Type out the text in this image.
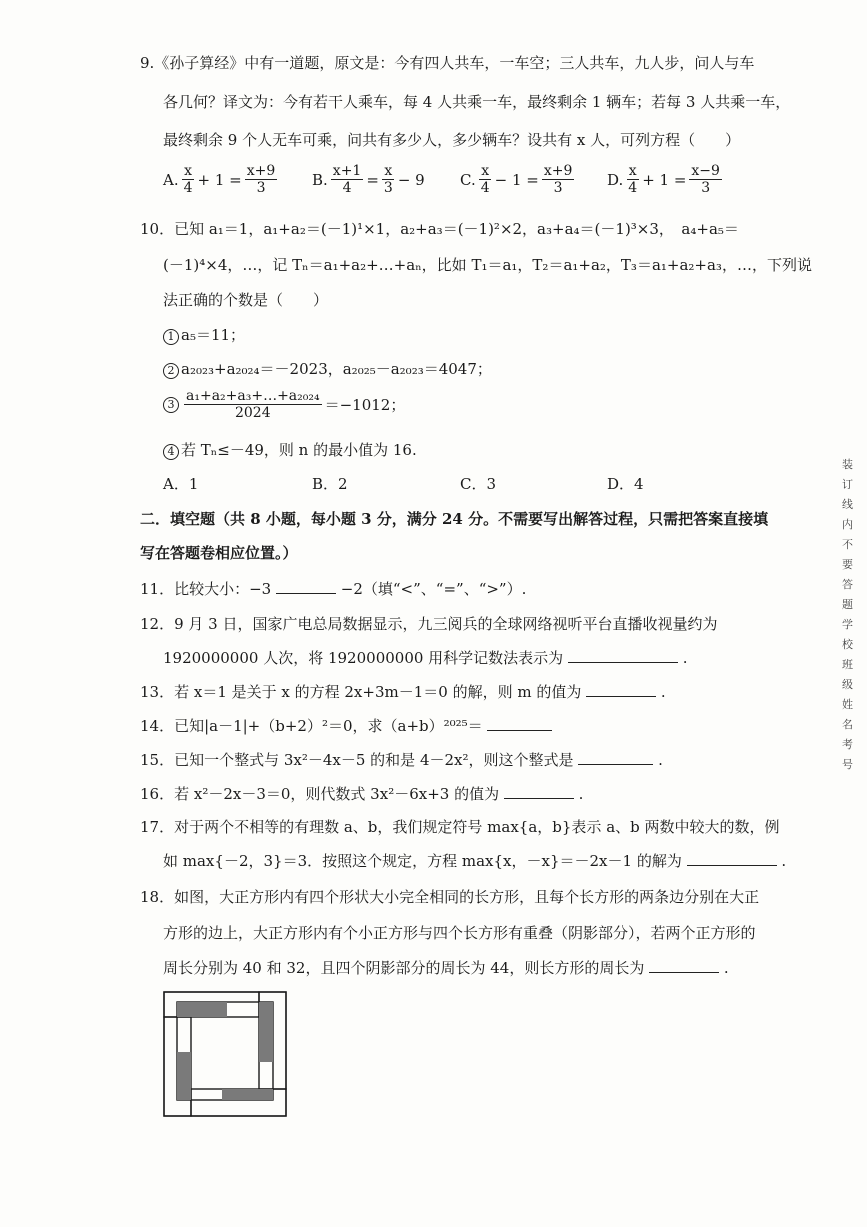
9.《孙子算经》中有一道题，原文是：今有四人共车，一车空；三人共车，九人步，问人与车
各几何？译文为：今有若干人乘车，每 4 人共乘一车，最终剩余 1 辆车；若每 3 人共乘一车，
最终剩余 9 个人无车可乘，问共有多少人，多少辆车？设共有 x 人，可列方程（　　）
A. $\frac{x}{4} + 1 = \frac{x+9}{3} B$. $\frac{x+1}{4} = \frac{x}{3} - 9$ C. $\frac{x}{4} - 1 = \frac{x+9}{3} D$. $\frac{x}{4} + 1 = \frac{x-9}{3}$
10．已知 a₁＝1，a₁+a₂＝(－1)¹×1，a₂+a₃＝(－1)²×2，a₃+a₄＝(－1)³×3，　a₄+a₅＝
(－1)⁴×4，…，记 Tₙ＝a₁+a₂+…+aₙ，比如 T₁＝a₁，T₂＝a₁+a₂，T₃＝a₁+a₂+a₃，…，下列说
法正确的个数是（　　）
1 a₅＝11；
2 a₂₀₂₃+a₂₀₂₄＝－2023，a₂₀₂₅－a₂₀₂₃＝4047；
$3 \frac{\text{a₁+a₂+a₃+…+a₂₀₂₄}}{2024} =-1012$；
4 若 Tₙ≤－49，则 n 的最小值为 16.
A．1	B．2	C．3	D．4
二．填空题（共 8 小题，每小题 3 分，满分 24 分。不需要写出解答过程，只需把答案直接填
写在答题卷相应位置。）
11．比较大小：−3	−2（填“<”、“=”、“>”）.
12．9 月 3 日，国家广电总局数据显示，九三阅兵的全球网络视听平台直播收视量约为
1920000000 人次，将 1920000000 用科学记数法表示为	.
13．若 x＝1 是关于 x 的方程 2x+3m－1＝0 的解，则 m 的值为	.
14．已知|a－1|+（b+2）²＝0，求（a+b）²⁰²⁵＝
15．已知一个整式与 3x²－4x－5 的和是 4－2x²，则这个整式是	.
16．若 x²－2x－3＝0，则代数式 3x²－6x+3 的值为	.
17．对于两个不相等的有理数 a、b，我们规定符号 max{a，b}表示 a、b 两数中较大的数，例
如 max{－2，3}＝3．按照这个规定，方程 max{x，－x}＝－2x－1 的解为	.
18．如图，大正方形内有四个形状大小完全相同的长方形，且每个长方形的两条边分别在大正
方形的边上，大正方形内有个小正方形与四个长方形有重叠（阴影部分），若两个正方形的
周长分别为 40 和 32，且四个阴影部分的周长为 44，则长方形的周长为	.
装订线内不要答题学校班级姓名考号
